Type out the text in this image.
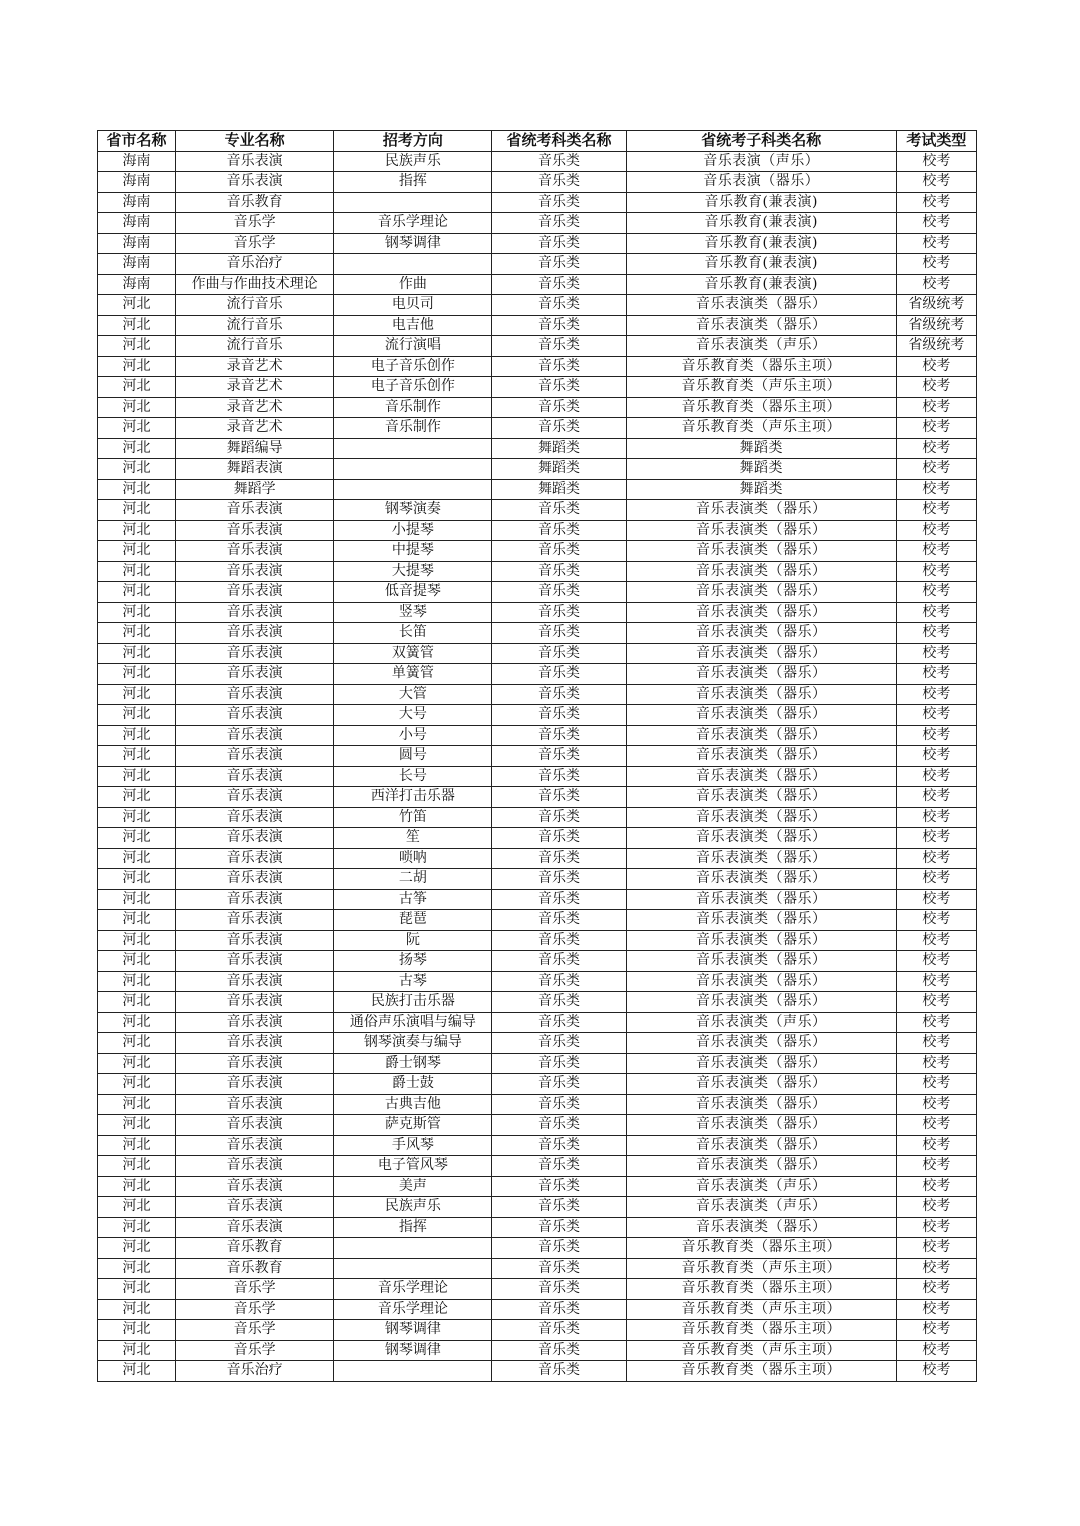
省市名称	专业名称	招考方向	省统考科类名称	省统考子科类名称	考试类型
海南	音乐表演	民族声乐	音乐类	音乐表演（声乐）	校考
海南	音乐表演	指挥	音乐类	音乐表演（器乐）	校考
海南	音乐教育		音乐类	音乐教育(兼表演)	校考
海南	音乐学	音乐学理论	音乐类	音乐教育(兼表演)	校考
海南	音乐学	钢琴调律	音乐类	音乐教育(兼表演)	校考
海南	音乐治疗		音乐类	音乐教育(兼表演)	校考
海南	作曲与作曲技术理论	作曲	音乐类	音乐教育(兼表演)	校考
河北	流行音乐	电贝司	音乐类	音乐表演类（器乐）	省级统考
河北	流行音乐	电吉他	音乐类	音乐表演类（器乐）	省级统考
河北	流行音乐	流行演唱	音乐类	音乐表演类（声乐）	省级统考
河北	录音艺术	电子音乐创作	音乐类	音乐教育类（器乐主项）	校考
河北	录音艺术	电子音乐创作	音乐类	音乐教育类（声乐主项）	校考
河北	录音艺术	音乐制作	音乐类	音乐教育类（器乐主项）	校考
河北	录音艺术	音乐制作	音乐类	音乐教育类（声乐主项）	校考
河北	舞蹈编导		舞蹈类	舞蹈类	校考
河北	舞蹈表演		舞蹈类	舞蹈类	校考
河北	舞蹈学		舞蹈类	舞蹈类	校考
河北	音乐表演	钢琴演奏	音乐类	音乐表演类（器乐）	校考
河北	音乐表演	小提琴	音乐类	音乐表演类（器乐）	校考
河北	音乐表演	中提琴	音乐类	音乐表演类（器乐）	校考
河北	音乐表演	大提琴	音乐类	音乐表演类（器乐）	校考
河北	音乐表演	低音提琴	音乐类	音乐表演类（器乐）	校考
河北	音乐表演	竖琴	音乐类	音乐表演类（器乐）	校考
河北	音乐表演	长笛	音乐类	音乐表演类（器乐）	校考
河北	音乐表演	双簧管	音乐类	音乐表演类（器乐）	校考
河北	音乐表演	单簧管	音乐类	音乐表演类（器乐）	校考
河北	音乐表演	大管	音乐类	音乐表演类（器乐）	校考
河北	音乐表演	大号	音乐类	音乐表演类（器乐）	校考
河北	音乐表演	小号	音乐类	音乐表演类（器乐）	校考
河北	音乐表演	圆号	音乐类	音乐表演类（器乐）	校考
河北	音乐表演	长号	音乐类	音乐表演类（器乐）	校考
河北	音乐表演	西洋打击乐器	音乐类	音乐表演类（器乐）	校考
河北	音乐表演	竹笛	音乐类	音乐表演类（器乐）	校考
河北	音乐表演	笙	音乐类	音乐表演类（器乐）	校考
河北	音乐表演	唢呐	音乐类	音乐表演类（器乐）	校考
河北	音乐表演	二胡	音乐类	音乐表演类（器乐）	校考
河北	音乐表演	古筝	音乐类	音乐表演类（器乐）	校考
河北	音乐表演	琵琶	音乐类	音乐表演类（器乐）	校考
河北	音乐表演	阮	音乐类	音乐表演类（器乐）	校考
河北	音乐表演	扬琴	音乐类	音乐表演类（器乐）	校考
河北	音乐表演	古琴	音乐类	音乐表演类（器乐）	校考
河北	音乐表演	民族打击乐器	音乐类	音乐表演类（器乐）	校考
河北	音乐表演	通俗声乐演唱与编导	音乐类	音乐表演类（声乐）	校考
河北	音乐表演	钢琴演奏与编导	音乐类	音乐表演类（器乐）	校考
河北	音乐表演	爵士钢琴	音乐类	音乐表演类（器乐）	校考
河北	音乐表演	爵士鼓	音乐类	音乐表演类（器乐）	校考
河北	音乐表演	古典吉他	音乐类	音乐表演类（器乐）	校考
河北	音乐表演	萨克斯管	音乐类	音乐表演类（器乐）	校考
河北	音乐表演	手风琴	音乐类	音乐表演类（器乐）	校考
河北	音乐表演	电子管风琴	音乐类	音乐表演类（器乐）	校考
河北	音乐表演	美声	音乐类	音乐表演类（声乐）	校考
河北	音乐表演	民族声乐	音乐类	音乐表演类（声乐）	校考
河北	音乐表演	指挥	音乐类	音乐表演类（器乐）	校考
河北	音乐教育		音乐类	音乐教育类（器乐主项）	校考
河北	音乐教育		音乐类	音乐教育类（声乐主项）	校考
河北	音乐学	音乐学理论	音乐类	音乐教育类（器乐主项）	校考
河北	音乐学	音乐学理论	音乐类	音乐教育类（声乐主项）	校考
河北	音乐学	钢琴调律	音乐类	音乐教育类（器乐主项）	校考
河北	音乐学	钢琴调律	音乐类	音乐教育类（声乐主项）	校考
河北	音乐治疗		音乐类	音乐教育类（器乐主项）	校考
